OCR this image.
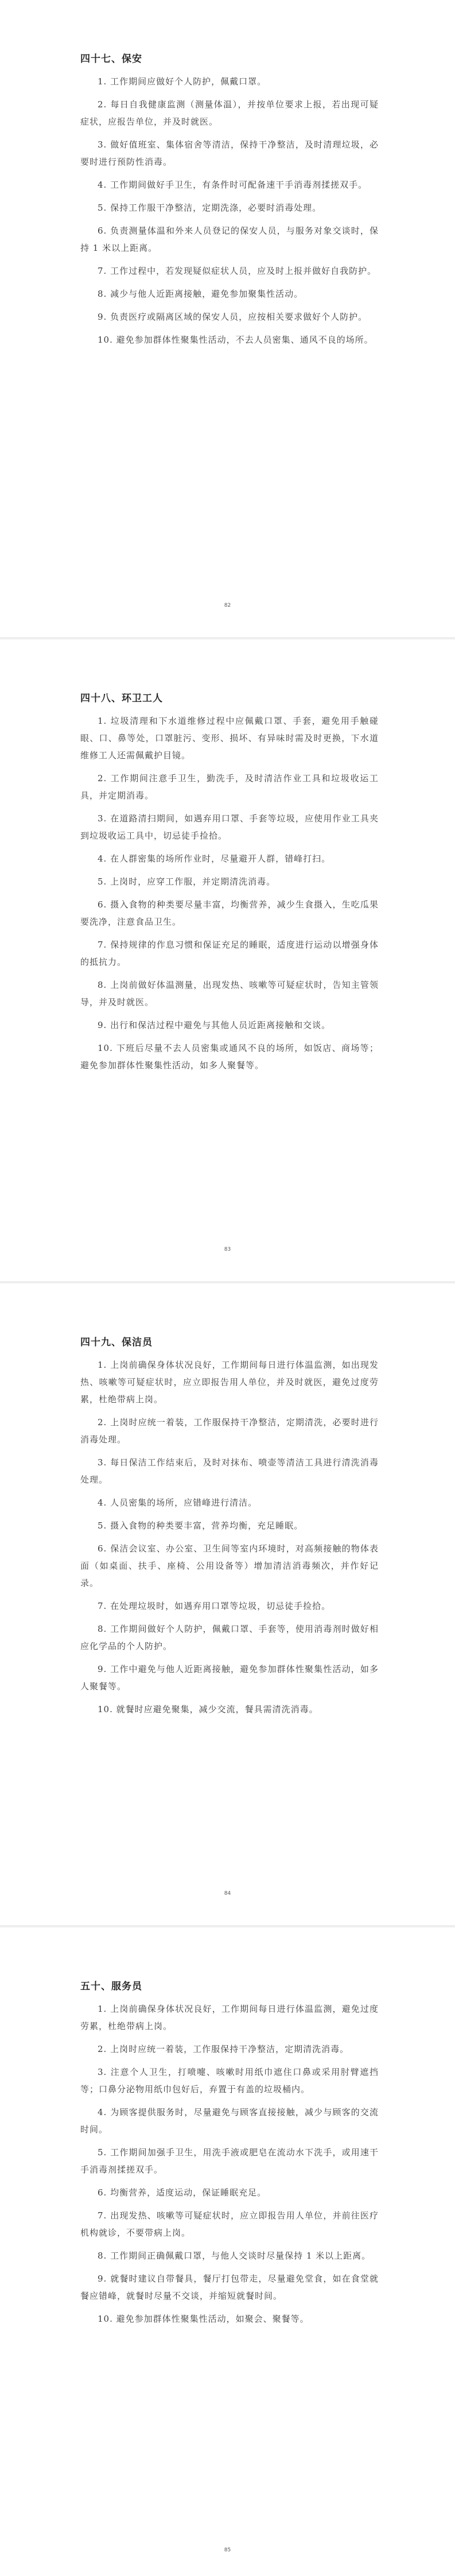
四十七、保安

1. 工作期间应做好个人防护，佩戴口罩。

2. 每日自我健康监测（测量体温），并按单位要求上报，若出现可疑症状，应报告单位，并及时就医。

3. 做好值班室、集体宿舍等清洁，保持干净整洁，及时清理垃圾，必要时进行预防性消毒。

4. 工作期间做好手卫生，有条件时可配备速干手消毒剂揉搓双手。

5. 保持工作服干净整洁，定期洗涤，必要时消毒处理。

6. 负责测量体温和外来人员登记的保安人员，与服务对象交谈时，保持 1 米以上距离。

7. 工作过程中，若发现疑似症状人员，应及时上报并做好自我防护。

8. 减少与他人近距离接触，避免参加聚集性活动。

9. 负责医疗或隔离区域的保安人员，应按相关要求做好个人防护。

10. 避免参加群体性聚集性活动，不去人员密集、通风不良的场所。

82
四十八、环卫工人

1. 垃圾清理和下水道维修过程中应佩戴口罩、手套，避免用手触碰眼、口、鼻等处，口罩脏污、变形、损坏、有异味时需及时更换，下水道维修工人还需佩戴护目镜。

2. 工作期间注意手卫生，勤洗手，及时清洁作业工具和垃圾收运工具，并定期消毒。

3. 在道路清扫期间，如遇弃用口罩、手套等垃圾，应使用作业工具夹到垃圾收运工具中，切忌徒手捡拾。

4. 在人群密集的场所作业时，尽量避开人群，错峰打扫。

5. 上岗时，应穿工作服，并定期清洗消毒。

6. 摄入食物的种类要尽量丰富，均衡营养，减少生食摄入，生吃瓜果要洗净，注意食品卫生。

7. 保持规律的作息习惯和保证充足的睡眠，适度进行运动以增强身体的抵抗力。

8. 上岗前做好体温测量，出现发热、咳嗽等可疑症状时，告知主管领导，并及时就医。

9. 出行和保洁过程中避免与其他人员近距离接触和交谈。

10. 下班后尽量不去人员密集或通风不良的场所，如饭店、商场等；避免参加群体性聚集性活动，如多人聚餐等。

83
四十九、保洁员

1. 上岗前确保身体状况良好，工作期间每日进行体温监测，如出现发热、咳嗽等可疑症状时，应立即报告用人单位，并及时就医，避免过度劳累，杜绝带病上岗。

2. 上岗时应统一着装，工作服保持干净整洁，定期清洗，必要时进行消毒处理。

3. 每日保洁工作结束后，及时对抹布、喷壶等清洁工具进行清洗消毒处理。

4. 人员密集的场所，应错峰进行清洁。

5. 摄入食物的种类要丰富，营养均衡，充足睡眠。

6. 保洁会议室、办公室、卫生间等室内环境时，对高频接触的物体表面（如桌面、扶手、座椅、公用设备等）增加清洁消毒频次，并作好记录。

7. 在处理垃圾时，如遇弃用口罩等垃圾，切忌徒手捡拾。

8. 工作期间做好个人防护，佩戴口罩、手套等，使用消毒剂时做好相应化学品的个人防护。

9. 工作中避免与他人近距离接触，避免参加群体性聚集性活动，如多人聚餐等。

10. 就餐时应避免聚集，减少交流，餐具需清洗消毒。

84
五十、服务员

1. 上岗前确保身体状况良好，工作期间每日进行体温监测，避免过度劳累，杜绝带病上岗。

2. 上岗时应统一着装，工作服保持干净整洁，定期清洗消毒。

3. 注意个人卫生，打喷嚏、咳嗽时用纸巾遮住口鼻或采用肘臂遮挡等；口鼻分泌物用纸巾包好后，弃置于有盖的垃圾桶内。

4. 为顾客提供服务时，尽量避免与顾客直接接触，减少与顾客的交流时间。

5. 工作期间加强手卫生，用洗手液或肥皂在流动水下洗手，或用速干手消毒剂揉搓双手。

6. 均衡营养，适度运动，保证睡眠充足。

7. 出现发热、咳嗽等可疑症状时，应立即报告用人单位，并前往医疗机构就诊，不要带病上岗。

8. 工作期间正确佩戴口罩，与他人交谈时尽量保持 1 米以上距离。

9. 就餐时建议自带餐具，餐厅打包带走，尽量避免堂食，如在食堂就餐应错峰，就餐时尽量不交谈，并缩短就餐时间。

10. 避免参加群体性聚集性活动，如聚会、聚餐等。

85
